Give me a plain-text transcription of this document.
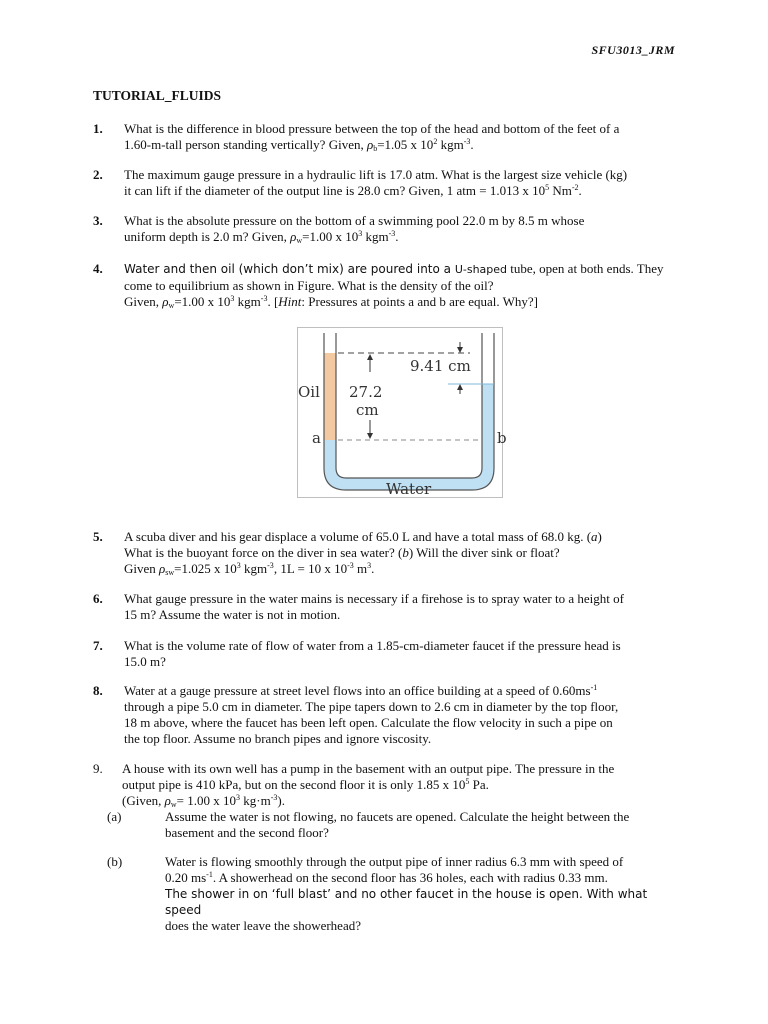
SFU3013_JRM
TUTORIAL_FLUIDS
1. What is the difference in blood pressure between the top of the head and bottom of the feet of a

1.60-m-tall person standing vertically? Given, $\rho_b=1.05$ x $10^2$ kgm$^{-3}$.

2. The maximum gauge pressure in a hydraulic lift is 17.0 atm. What is the largest size vehicle (kg)

it can lift if the diameter of the output line is 28.0 cm? Given, 1 atm = 1.013 x $10^5$ $Nm^{-2}$.

3. What is the absolute pressure on the bottom of a swimming pool 22.0 m by 8.5 m whose

uniform depth is 2.0 m? Given, $\rho_w=1.00$ x $10^3$ kgm$^{-3}$.

4. Water and then oil (which don’t mix) are poured into a U-shaped tube, open at both ends. They

come to equilibrium as shown in Figure. What is the density of the oil?

Given, $\rho_w=1.00$ x $10^3$ kgm$^{-3}$. [Hint: Pressures at points a and b are equal. Why?]

9.41 cm
Oil 27.2
cm
a	b
Water
5. A scuba diver and his gear displace a volume of 65.0 L and have a total mass of 68.0 kg. (a)

What is the buoyant force on the diver in sea water? (b) Will the diver sink or float?

Given $\rho_{sw}=1.025$ x $10^3$ kgm$^{-3}$, 1L = 10 x $10^{-3}$ $m^3$.

6. What gauge pressure in the water mains is necessary if a firehose is to spray water to a height of

15 m? Assume the water is not in motion.

7. What is the volume rate of flow of water from a 1.85-cm-diameter faucet if the pressure head is

15.0 m?

8. Water at a gauge pressure at street level flows into an office building at a speed of $0.60ms^{-1}$

through a pipe 5.0 cm in diameter. The pipe tapers down to 2.6 cm in diameter by the top floor,

18 m above, where the faucet has been left open. Calculate the flow velocity in such a pipe on

the top floor. Assume no branch pipes and ignore viscosity.

9. A house with its own well has a pump in the basement with an output pipe. The pressure in the

output pipe is 410 kPa, but on the second floor it is only 1.85 x $10^5$ Pa.

(Given, $\rho_w= 1.00$ x $10^3$ $kg\cdot m^{-3}$).

(a)	Assume the water is not flowing, no faucets are opened. Calculate the height between the

basement and the second floor?

(b)	Water is flowing smoothly through the output pipe of inner radius 6.3 mm with speed of

0.20 $ms^{-1}$. A showerhead on the second floor has 36 holes, each with radius 0.33 mm.

The shower in on ‘full blast’ and no other faucet in the house is open. With what speed

does the water leave the showerhead?
